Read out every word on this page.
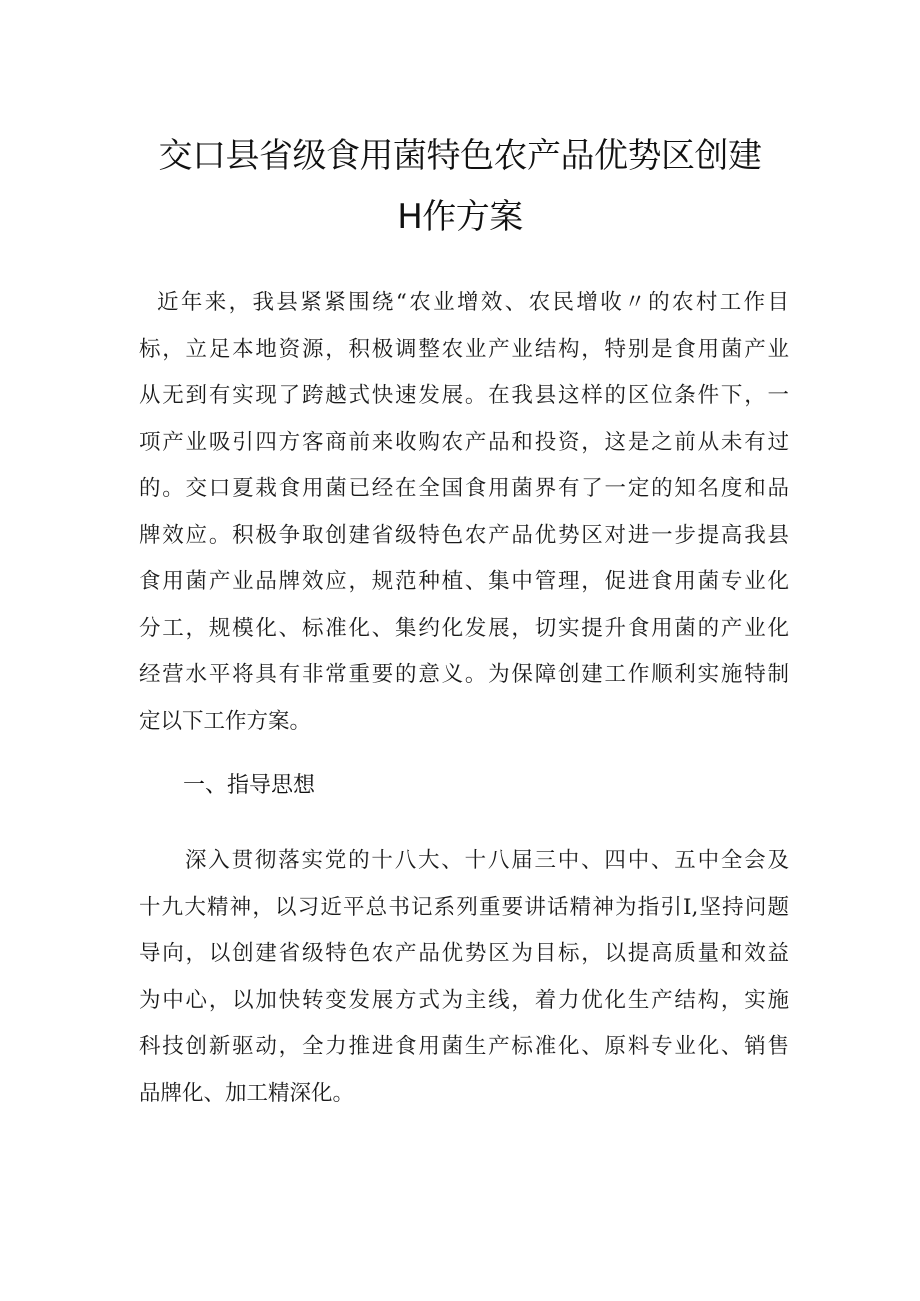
交口县省级食用菌特色农产品优势区创建
H作方案
近年来，我县紧紧围绕“农业增效、农民增收〃的农村工作目
标，立足本地资源，积极调整农业产业结构，特别是食用菌产业
从无到有实现了跨越式快速发展。在我县这样的区位条件下，一
项产业吸引四方客商前来收购农产品和投资，这是之前从未有过
的。交口夏栽食用菌已经在全国食用菌界有了一定的知名度和品
牌效应。积极争取创建省级特色农产品优势区对进一步提高我县
食用菌产业品牌效应，规范种植、集中管理，促进食用菌专业化
分工，规模化、标准化、集约化发展，切实提升食用菌的产业化
经营水平将具有非常重要的意义。为保障创建工作顺利实施特制
定以下工作方案。
一、指导思想
深入贯彻落实党的十八大、十八届三中、四中、五中全会及
十九大精神，以习近平总书记系列重要讲话精神为指引I,坚持问题
导向，以创建省级特色农产品优势区为目标，以提高质量和效益
为中心，以加快转变发展方式为主线，着力优化生产结构，实施
科技创新驱动，全力推进食用菌生产标准化、原料专业化、销售
品牌化、加工精深化。
